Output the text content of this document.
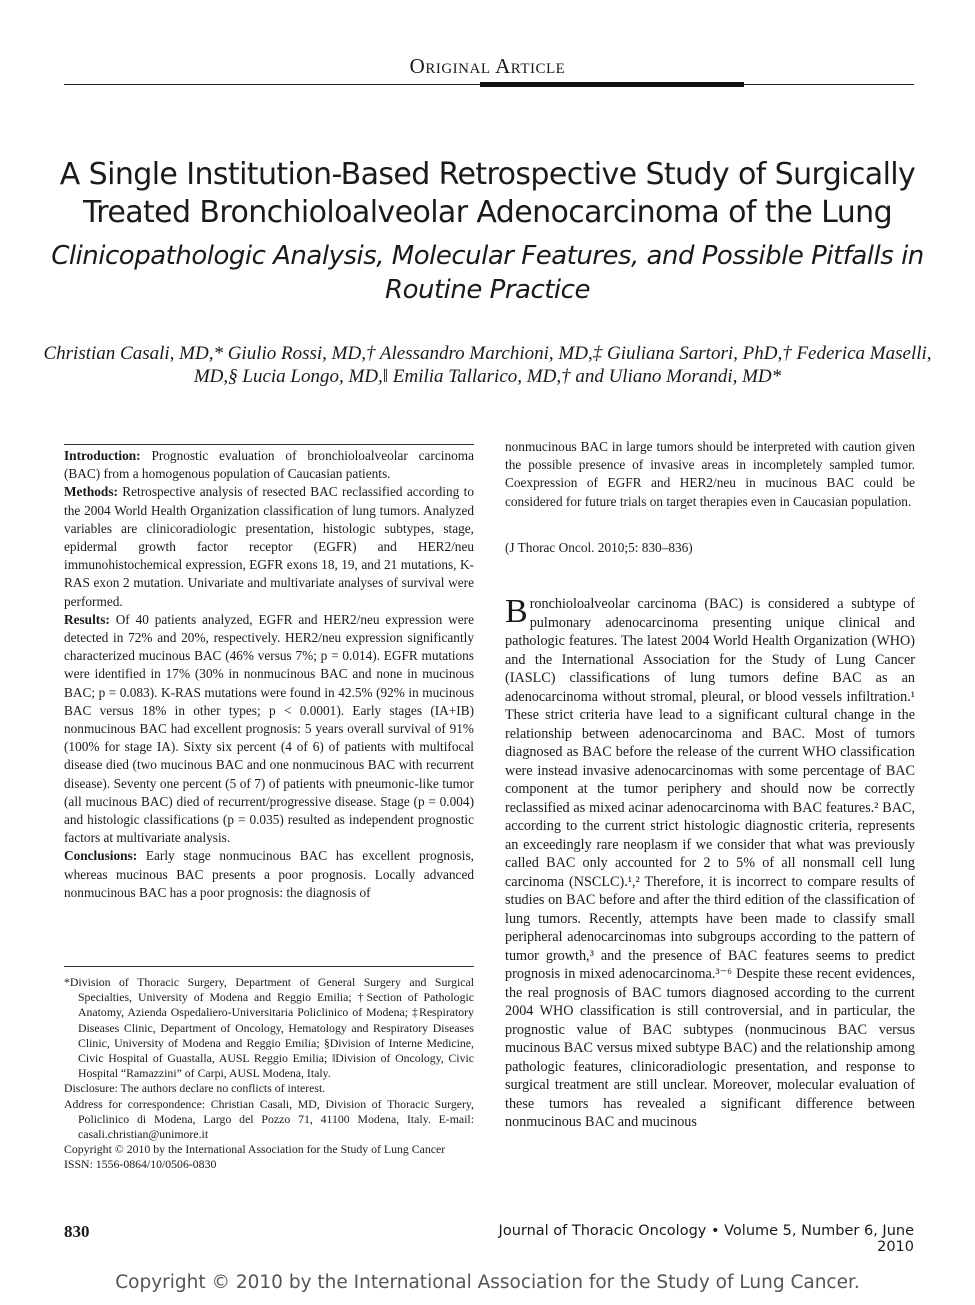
Original Article
A Single Institution-Based Retrospective Study of Surgically Treated Bronchioloalveolar Adenocarcinoma of the Lung
Clinicopathologic Analysis, Molecular Features, and Possible Pitfalls in Routine Practice
Christian Casali, MD,* Giulio Rossi, MD,† Alessandro Marchioni, MD,‡ Giuliana Sartori, PhD,† Federica Maselli, MD,§ Lucia Longo, MD,‖ Emilia Tallarico, MD,† and Uliano Morandi, MD*

Introduction: Prognostic evaluation of bronchioloalveolar carcinoma (BAC) from a homogenous population of Caucasian patients.

Methods: Retrospective analysis of resected BAC reclassified according to the 2004 World Health Organization classification of lung tumors. Analyzed variables are clinicoradiologic presentation, histologic subtypes, stage, epidermal growth factor receptor (EGFR) and HER2/neu immunohistochemical expression, EGFR exons 18, 19, and 21 mutations, K-RAS exon 2 mutation. Univariate and multivariate analyses of survival were performed.

Results: Of 40 patients analyzed, EGFR and HER2/neu expression were detected in 72% and 20%, respectively. HER2/neu expression significantly characterized mucinous BAC (46% versus 7%; p = 0.014). EGFR mutations were identified in 17% (30% in nonmucinous BAC and none in mucinous BAC; p = 0.083). K-RAS mutations were found in 42.5% (92% in mucinous BAC versus 18% in other types; p < 0.0001). Early stages (IA+IB) nonmucinous BAC had excellent prognosis: 5 years overall survival of 91% (100% for stage IA). Sixty six percent (4 of 6) of patients with multifocal disease died (two mucinous BAC and one nonmucinous BAC with recurrent disease). Seventy one percent (5 of 7) of patients with pneumonic-like tumor (all mucinous BAC) died of recurrent/progressive disease. Stage (p = 0.004) and histologic classifications (p = 0.035) resulted as independent prognostic factors at multivariate analysis.

Conclusions: Early stage nonmucinous BAC has excellent prognosis, whereas mucinous BAC presents a poor prognosis. Locally advanced nonmucinous BAC has a poor prognosis: the diagnosis of

nonmucinous BAC in large tumors should be interpreted with caution given the possible presence of invasive areas in incompletely sampled tumor. Coexpression of EGFR and HER2/neu in mucinous BAC could be considered for future trials on target therapies even in Caucasian population.

(J Thorac Oncol. 2010;5: 830–836)

Bronchioloalveolar carcinoma (BAC) is considered a subtype of pulmonary adenocarcinoma presenting unique clinical and pathologic features. The latest 2004 World Health Organization (WHO) and the International Association for the Study of Lung Cancer (IASLC) classifications of lung tumors define BAC as an adenocarcinoma without stromal, pleural, or blood vessels infiltration.¹ These strict criteria have lead to a significant cultural change in the relationship between adenocarcinoma and BAC. Most of tumors diagnosed as BAC before the release of the current WHO classification were instead invasive adenocarcinomas with some percentage of BAC component at the tumor periphery and should now be correctly reclassified as mixed acinar adenocarcinoma with BAC features.² BAC, according to the current strict histologic diagnostic criteria, represents an exceedingly rare neoplasm if we consider that what was previously called BAC only accounted for 2 to 5% of all nonsmall cell lung carcinoma (NSCLC).¹,² Therefore, it is incorrect to compare results of studies on BAC before and after the third edition of the classification of lung tumors. Recently, attempts have been made to classify small peripheral adenocarcinomas into subgroups according to the pattern of tumor growth,³ and the presence of BAC features seems to predict prognosis in mixed adenocarcinoma.³⁻⁶ Despite these recent evidences, the real prognosis of BAC tumors diagnosed according to the current 2004 WHO classification is still controversial, and in particular, the prognostic value of BAC subtypes (nonmucinous BAC versus mucinous BAC versus mixed subtype BAC) and the relationship among pathologic features, clinicoradiologic presentation, and response to surgical treatment are still unclear. Moreover, molecular evaluation of these tumors has revealed a significant difference between nonmucinous BAC and mucinous

*Division of Thoracic Surgery, Department of General Surgery and Surgical Specialties, University of Modena and Reggio Emilia; †Section of Pathologic Anatomy, Azienda Ospedaliero-Universitaria Policlinico of Modena; ‡Respiratory Diseases Clinic, Department of Oncology, Hematology and Respiratory Diseases Clinic, University of Modena and Reggio Emilia; §Division of Interne Medicine, Civic Hospital of Guastalla, AUSL Reggio Emilia; ‖Division of Oncology, Civic Hospital “Ramazzini” of Carpi, AUSL Modena, Italy.

Disclosure: The authors declare no conflicts of interest.

Address for correspondence: Christian Casali, MD, Division of Thoracic Surgery, Policlinico di Modena, Largo del Pozzo 71, 41100 Modena, Italy. E-mail: casali.christian@unimore.it

Copyright © 2010 by the International Association for the Study of Lung Cancer

ISSN: 1556-0864/10/0506-0830

830	Journal of Thoracic Oncology • Volume 5, Number 6, June 2010
Copyright © 2010 by the International Association for the Study of Lung Cancer.
